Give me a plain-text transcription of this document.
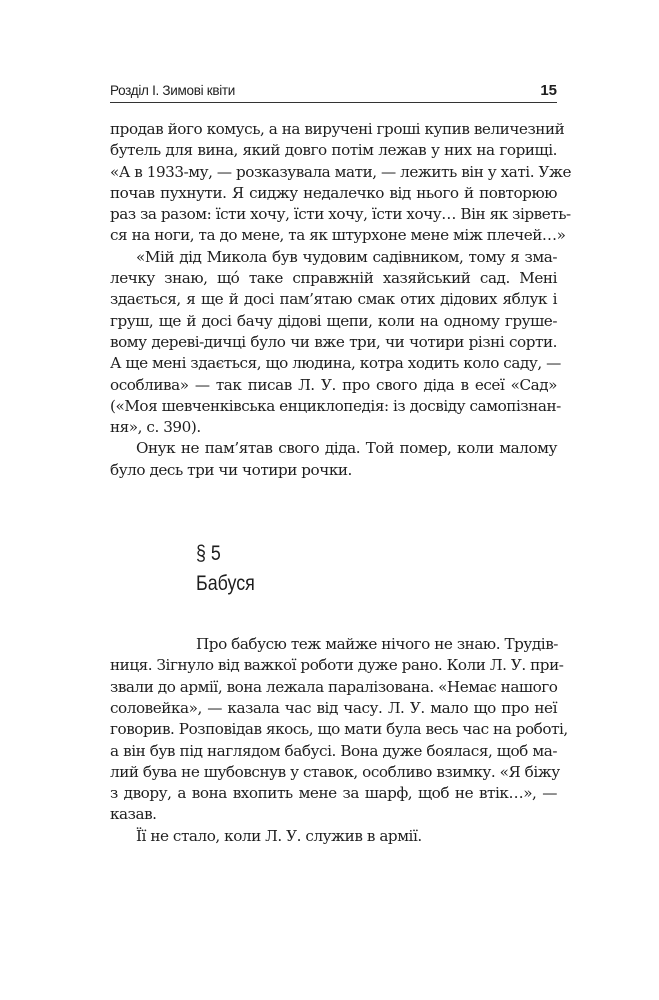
Розділ І. Зимові квіти	15
продав його комусь, а на виручені гроші купив величезний
бутель для вина, який довго потім лежав у них на горищі.
«А в 1933-му, — розказувала мати, — лежить він у хаті. Уже
почав пухнути. Я сиджу недалечко від нього й повторюю
раз за разом: їсти хочу, їсти хочу, їсти хочу… Він як зірветь-
ся на ноги, та до мене, та як штурхоне мене між плечей…»
«Мій дід Микола був чудовим садівником, тому я зма-
лечку знаю, щó таке справжній хазяйський сад. Мені
здається, я ще й досі пам’ятаю смак отих дідових яблук і
груш, ще й досі бачу дідові щепи, коли на одному груше-
вому дереві-дичці було чи вже три, чи чотири різні сорти.
А ще мені здається, що людина, котра ходить коло саду, —
особлива» — так писав Л. У. про свого діда в есеї «Сад»
(«Моя шевченківська енциклопедія: із досвіду самопізнан-
ня», с. 390).
Онук не пам’ятав свого діда. Той помер, коли малому
було десь три чи чотири рочки.
§ 5
Бабуся
Про бабусю теж майже нічого не знаю. Трудів-
ниця. Зігнуло від важкої роботи дуже рано. Коли Л. У. при-
звали до армії, вона лежала паралізована. «Немає нашого
соловейка», — казала час від часу. Л. У. мало що про неї
говорив. Розповідав якось, що мати була весь час на роботі,
а він був під наглядом бабусі. Вона дуже боялася, щоб ма-
лий бува не шубовснув у ставок, особливо взимку. «Я біжу
з двору, а вона вхопить мене за шарф, щоб не втік…», —
казав.
Її не стало, коли Л. У. служив в армії.
